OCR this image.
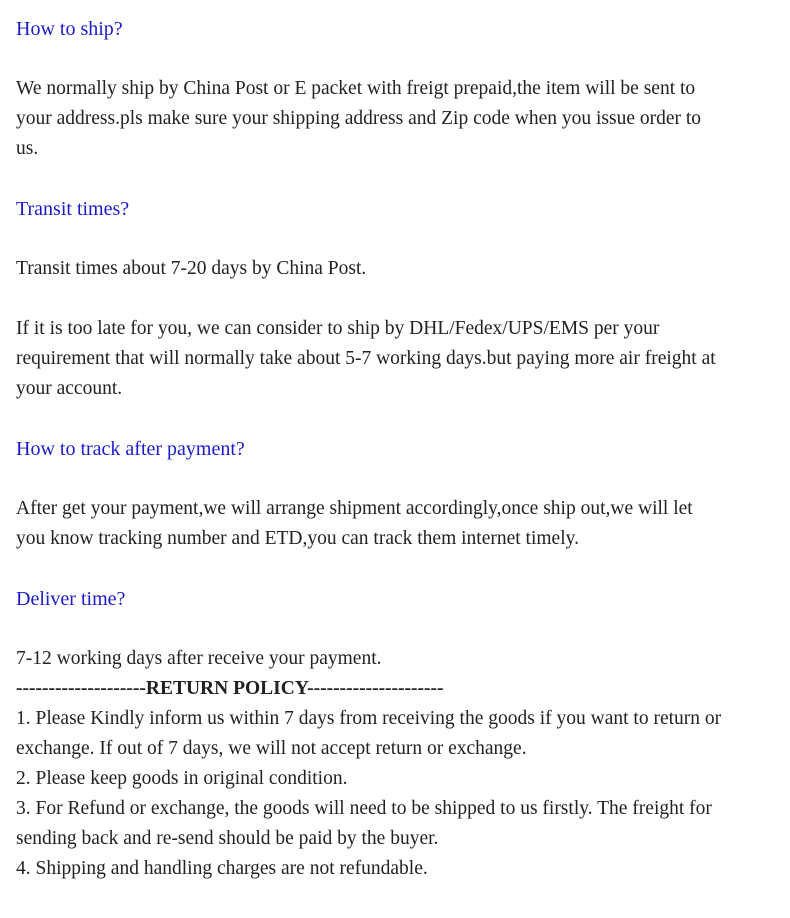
How to ship?

We normally ship by China Post or E packet with freigt prepaid,the item will be sent to

your address.pls make sure your shipping address and Zip code when you issue order to

us.

Transit times?

Transit times about 7-20 days by China Post.

If it is too late for you, we can consider to ship by DHL/Fedex/UPS/EMS per your

requirement that will normally take about 5-7 working days.but paying more air freight at

your account.

How to track after payment?

After get your payment,we will arrange shipment accordingly,once ship out,we will let

you know tracking number and ETD,you can track them internet timely.

Deliver time?

7-12 working days after receive your payment.

--------------------RETURN POLICY---------------------

1. Please Kindly inform us within 7 days from receiving the goods if you want to return or

exchange. If out of 7 days, we will not accept return or exchange.

2. Please keep goods in original condition.

3. For Refund or exchange, the goods will need to be shipped to us firstly. The freight for

sending back and re-send should be paid by the buyer.

4. Shipping and handling charges are not refundable.
